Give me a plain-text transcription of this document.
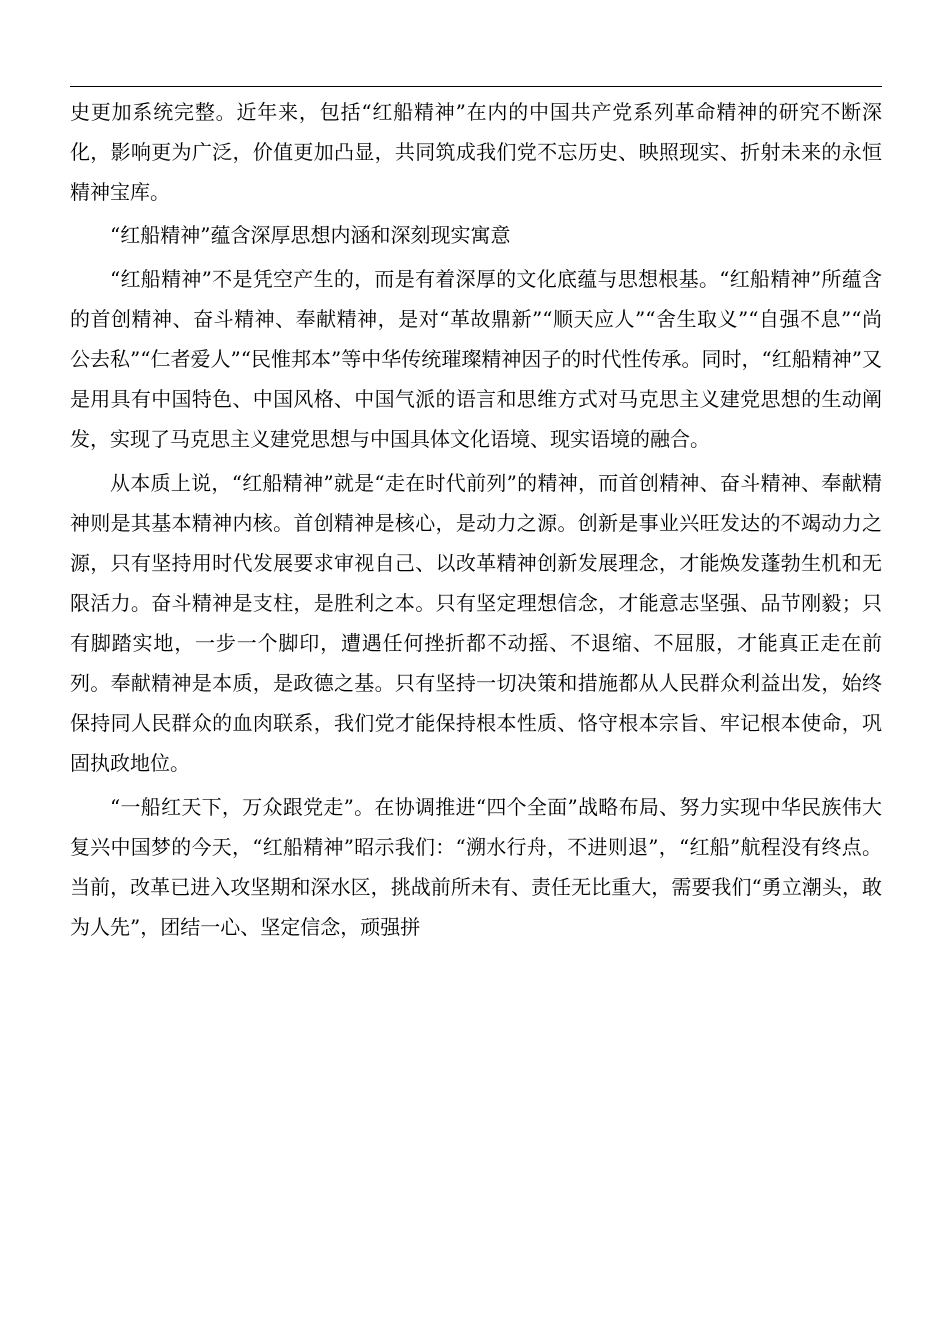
史更加系统完整。近年来，包括“红船精神”在内的中国共产党系列革命精神的研究不断深化，影响更为广泛，价值更加凸显，共同筑成我们党不忘历史、映照现实、折射未来的永恒精神宝库。

“红船精神”蕴含深厚思想内涵和深刻现实寓意

“红船精神”不是凭空产生的，而是有着深厚的文化底蕴与思想根基。“红船精神”所蕴含的首创精神、奋斗精神、奉献精神，是对“革故鼎新”“顺天应人”“舍生取义”“自强不息”“尚公去私”“仁者爱人”“民惟邦本”等中华传统璀璨精神因子的时代性传承。同时，“红船精神”又是用具有中国特色、中国风格、中国气派的语言和思维方式对马克思主义建党思想的生动阐发，实现了马克思主义建党思想与中国具体文化语境、现实语境的融合。

从本质上说，“红船精神”就是“走在时代前列”的精神，而首创精神、奋斗精神、奉献精神则是其基本精神内核。首创精神是核心，是动力之源。创新是事业兴旺发达的不竭动力之源，只有坚持用时代发展要求审视自己、以改革精神创新发展理念，才能焕发蓬勃生机和无限活力。奋斗精神是支柱，是胜利之本。只有坚定理想信念，才能意志坚强、品节刚毅；只有脚踏实地，一步一个脚印，遭遇任何挫折都不动摇、不退缩、不屈服，才能真正走在前列。奉献精神是本质，是政德之基。只有坚持一切决策和措施都从人民群众利益出发，始终保持同人民群众的血肉联系，我们党才能保持根本性质、恪守根本宗旨、牢记根本使命，巩固执政地位。

“一船红天下，万众跟党走”。在协调推进“四个全面”战略布局、努力实现中华民族伟大复兴中国梦的今天，“红船精神”昭示我们：“溯水行舟，不进则退”，“红船”航程没有终点。当前，改革已进入攻坚期和深水区，挑战前所未有、责任无比重大，需要我们“勇立潮头，敢为人先”，团结一心、坚定信念，顽强拼
